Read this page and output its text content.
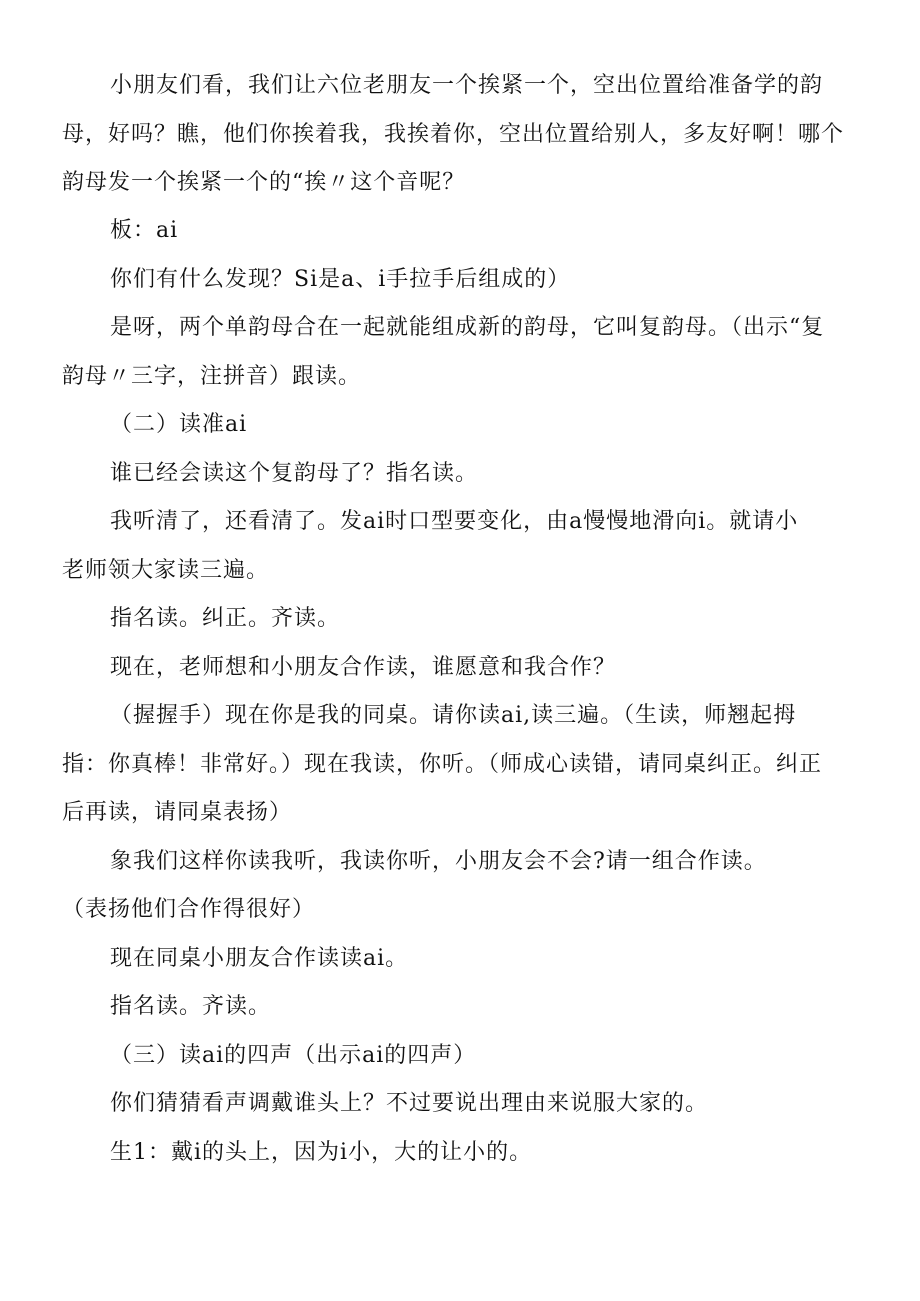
小朋友们看，我们让六位老朋友一个挨紧一个，空出位置给准备学的韵
母，好吗？瞧，他们你挨着我，我挨着你，空出位置给别人，多友好啊！哪个
韵母发一个挨紧一个的“挨〃这个音呢？
板：ai
你们有什么发现？Si是a、i手拉手后组成的）
是呀，两个单韵母合在一起就能组成新的韵母，它叫复韵母。（出示“复
韵母〃三字，注拼音）跟读。
（二）读准ai
谁已经会读这个复韵母了？指名读。
我听清了，还看清了。发ai时口型要变化，由a慢慢地滑向i。就请小
老师领大家读三遍。
指名读。纠正。齐读。
现在，老师想和小朋友合作读，谁愿意和我合作？
（握握手）现在你是我的同桌。请你读ai,读三遍。（生读，师翘起拇
指：你真棒！非常好。）现在我读，你听。（师成心读错，请同桌纠正。纠正
后再读，请同桌表扬）
象我们这样你读我听，我读你听，小朋友会不会?请一组合作读。
（表扬他们合作得很好）
现在同桌小朋友合作读读ai。
指名读。齐读。
（三）读ai的四声（出示ai的四声）
你们猜猜看声调戴谁头上？不过要说出理由来说服大家的。
生1：戴i的头上，因为i小，大的让小的。
